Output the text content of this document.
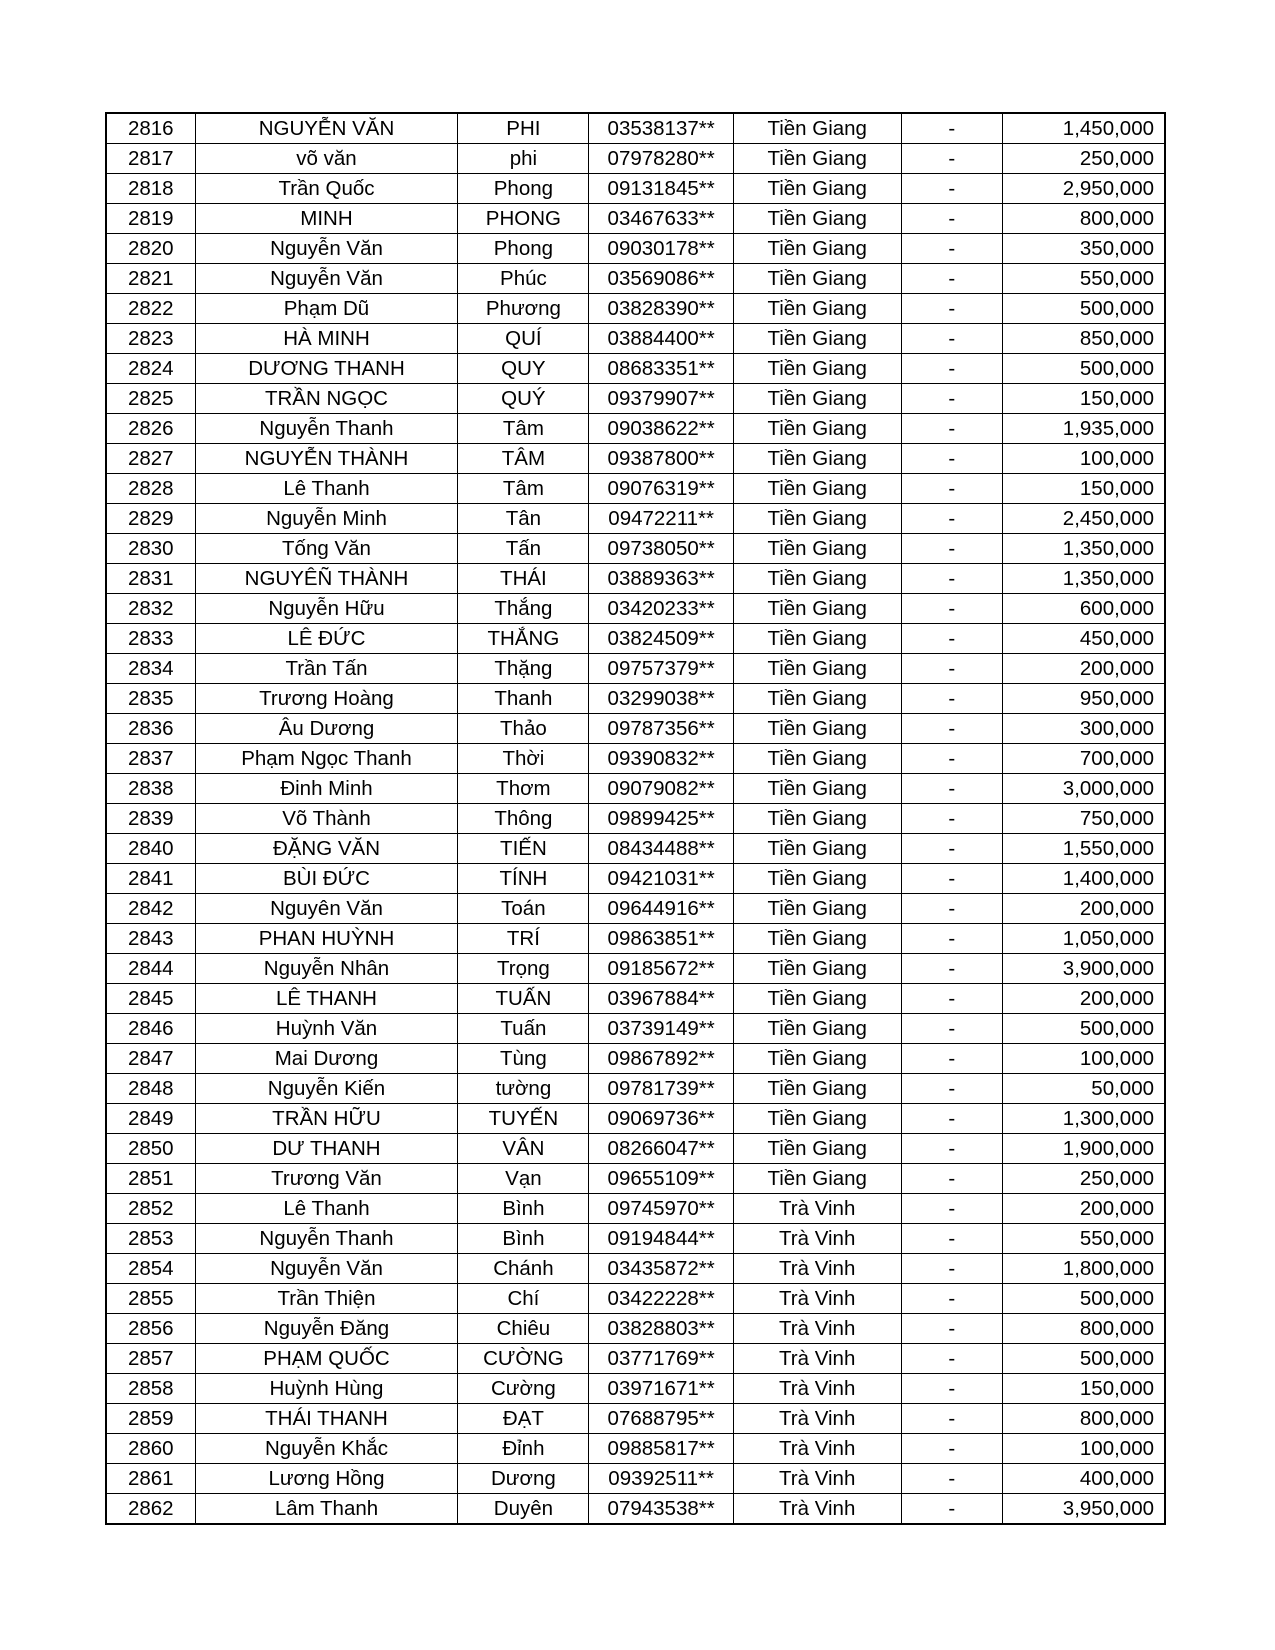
2816	NGUYỄN VĂN	PHI	03538137**	Tiền Giang	-	1,450,000
2817	võ văn	phi	07978280**	Tiền Giang	-	250,000
2818	Trần Quốc	Phong	09131845**	Tiền Giang	-	2,950,000
2819	MINH	PHONG	03467633**	Tiền Giang	-	800,000
2820	Nguyễn Văn	Phong	09030178**	Tiền Giang	-	350,000
2821	Nguyễn Văn	Phúc	03569086**	Tiền Giang	-	550,000
2822	Phạm Dũ	Phương	03828390**	Tiền Giang	-	500,000
2823	HÀ MINH	QUÍ	03884400**	Tiền Giang	-	850,000
2824	DƯƠNG THANH	QUY	08683351**	Tiền Giang	-	500,000
2825	TRẦN NGỌC	QUÝ	09379907**	Tiền Giang	-	150,000
2826	Nguyễn Thanh	Tâm	09038622**	Tiền Giang	-	1,935,000
2827	NGUYỄN THÀNH	TÂM	09387800**	Tiền Giang	-	100,000
2828	Lê Thanh	Tâm	09076319**	Tiền Giang	-	150,000
2829	Nguyễn Minh	Tân	09472211**	Tiền Giang	-	2,450,000
2830	Tống Văn	Tấn	09738050**	Tiền Giang	-	1,350,000
2831	NGUYÊÑ THÀNH	THÁI	03889363**	Tiền Giang	-	1,350,000
2832	Nguyễn Hữu	Thắng	03420233**	Tiền Giang	-	600,000
2833	LÊ ĐỨC	THẮNG	03824509**	Tiền Giang	-	450,000
2834	Trần Tấn	Thặng	09757379**	Tiền Giang	-	200,000
2835	Trương Hoàng	Thanh	03299038**	Tiền Giang	-	950,000
2836	Âu Dương	Thảo	09787356**	Tiền Giang	-	300,000
2837	Phạm Ngọc Thanh	Thời	09390832**	Tiền Giang	-	700,000
2838	Đinh Minh	Thơm	09079082**	Tiền Giang	-	3,000,000
2839	Võ Thành	Thông	09899425**	Tiền Giang	-	750,000
2840	ĐẶNG VĂN	TIẾN	08434488**	Tiền Giang	-	1,550,000
2841	BÙI ĐỨC	TÍNH	09421031**	Tiền Giang	-	1,400,000
2842	Nguyên Văn	Toán	09644916**	Tiền Giang	-	200,000
2843	PHAN HUỲNH	TRÍ	09863851**	Tiền Giang	-	1,050,000
2844	Nguyễn Nhân	Trọng	09185672**	Tiền Giang	-	3,900,000
2845	LÊ THANH	TUẤN	03967884**	Tiền Giang	-	200,000
2846	Huỳnh Văn	Tuấn	03739149**	Tiền Giang	-	500,000
2847	Mai Dương	Tùng	09867892**	Tiền Giang	-	100,000
2848	Nguyễn Kiến	tường	09781739**	Tiền Giang	-	50,000
2849	TRẦN HỮU	TUYẾN	09069736**	Tiền Giang	-	1,300,000
2850	DƯ THANH	VÂN	08266047**	Tiền Giang	-	1,900,000
2851	Trương Văn	Vạn	09655109**	Tiền Giang	-	250,000
2852	Lê Thanh	Bình	09745970**	Trà Vinh	-	200,000
2853	Nguyễn Thanh	Bình	09194844**	Trà Vinh	-	550,000
2854	Nguyễn Văn	Chánh	03435872**	Trà Vinh	-	1,800,000
2855	Trần Thiện	Chí	03422228**	Trà Vinh	-	500,000
2856	Nguyễn Đăng	Chiêu	03828803**	Trà Vinh	-	800,000
2857	PHẠM QUỐC	CƯỜNG	03771769**	Trà Vinh	-	500,000
2858	Huỳnh Hùng	Cường	03971671**	Trà Vinh	-	150,000
2859	THÁI THANH	ĐẠT	07688795**	Trà Vinh	-	800,000
2860	Nguyễn Khắc	Đỉnh	09885817**	Trà Vinh	-	100,000
2861	Lương Hồng	Dương	09392511**	Trà Vinh	-	400,000
2862	Lâm Thanh	Duyên	07943538**	Trà Vinh	-	3,950,000
